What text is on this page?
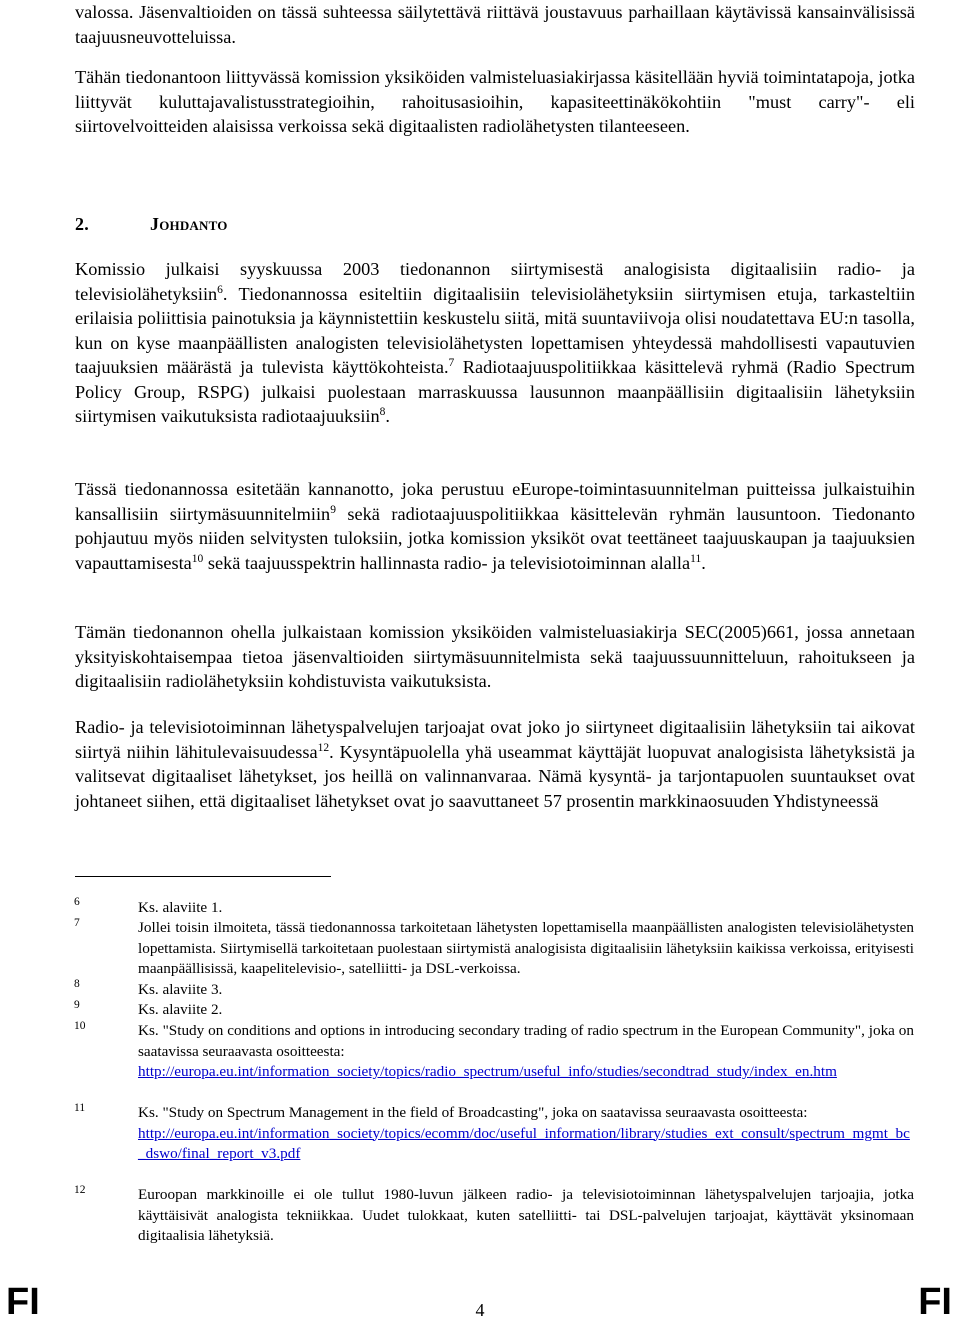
valossa. Jäsenvaltioiden on tässä suhteessa säilytettävä riittävä joustavuus parhaillaan käytävissä kansainvälisissä taajuusneuvotteluissa.

Tähän tiedonantoon liittyvässä komission yksiköiden valmisteluasiakirjassa käsitellään hyviä toimintatapoja, jotka liittyvät kuluttajavalistusstrategioihin, rahoitusasioihin, kapasiteettinäkökohtiin "must carry"- eli siirtovelvoitteiden alaisissa verkoissa sekä digitaalisten radiolähetysten tilanteeseen.

2.	Johdanto

Komissio julkaisi syyskuussa 2003 tiedonannon siirtymisestä analogisista digitaalisiin radio- ja televisiolähetyksiin$^6$. Tiedonannossa esiteltiin digitaalisiin televisiolähetyksiin siirtymisen etuja, tarkasteltiin erilaisia poliittisia painotuksia ja käynnistettiin keskustelu siitä, mitä suuntaviivoja olisi noudatettava EU:n tasolla, kun on kyse maanpäällisten analogisten televisiolähetysten lopettamisen yhteydessä mahdollisesti vapautuvien taajuuksien määrästä ja tulevista käyttökohteista.$^7$ Radiotaajuuspolitiikkaa käsittelevä ryhmä (Radio Spectrum Policy Group, RSPG) julkaisi puolestaan marraskuussa lausunnon maanpäällisiin digitaalisiin lähetyksiin siirtymisen vaikutuksista radiotaajuuksiin$^8$.

Tässä tiedonannossa esitetään kannanotto, joka perustuu eEurope-toimintasuunnitelman puitteissa julkaistuihin kansallisiin siirtymäsuunnitelmiin$^9$ sekä radiotaajuuspolitiikkaa käsittelevän ryhmän lausuntoon. Tiedonanto pohjautuu myös niiden selvitysten tuloksiin, jotka komission yksiköt ovat teettäneet taajuuskaupan ja taajuuksien vapauttamisesta$^{10}$ sekä taajuusspektrin hallinnasta radio- ja televisiotoiminnan alalla$^{11}$.

Tämän tiedonannon ohella julkaistaan komission yksiköiden valmisteluasiakirja SEC(2005)661, jossa annetaan yksityiskohtaisempaa tietoa jäsenvaltioiden siirtymäsuunnitelmista sekä taajuussuunnitteluun, rahoitukseen ja digitaalisiin radiolähetyksiin kohdistuvista vaikutuksista.

Radio- ja televisiotoiminnan lähetyspalvelujen tarjoajat ovat joko jo siirtyneet digitaalisiin lähetyksiin tai aikovat siirtyä niihin lähitulevaisuudessa$^{12}$. Kysyntäpuolella yhä useammat käyttäjät luopuvat analogisista lähetyksistä ja valitsevat digitaaliset lähetykset, jos heillä on valinnanvaraa. Nämä kysyntä- ja tarjontapuolen suuntaukset ovat johtaneet siihen, että digitaaliset lähetykset ovat jo saavuttaneet 57 prosentin markkinaosuuden Yhdistyneessä

6	Ks. alaviite 1.

7	Jollei toisin ilmoiteta, tässä tiedonannossa tarkoitetaan lähetysten lopettamisella maanpäällisten analogisten televisiolähetysten lopettamista. Siirtymisellä tarkoitetaan puolestaan siirtymistä analogisista digitaalisiin lähetyksiin kaikissa verkoissa, erityisesti maanpäällisissä, kaapelitelevisio-, satelliitti- ja DSL-verkoissa.

8	Ks. alaviite 3.

9	Ks. alaviite 2.

10	Ks. "Study on conditions and options in introducing secondary trading of radio spectrum in the European Community", joka on saatavissa seuraavasta osoitteesta:
http://europa.eu.int/information_society/topics/radio_spectrum/useful_info/studies/secondtrad_study/index_en.htm

11	Ks. "Study on Spectrum Management in the field of Broadcasting", joka on saatavissa seuraavasta osoitteesta:
http://europa.eu.int/information_society/topics/ecomm/doc/useful_information/library/studies_ext_consult/spectrum_mgmt_bc_dswo/final_report_v3.pdf

12	Euroopan markkinoille ei ole tullut 1980-luvun jälkeen radio- ja televisiotoiminnan lähetyspalvelujen tarjoajia, jotka käyttäisivät analogista tekniikkaa. Uudet tulokkaat, kuten satelliitti- tai DSL-palvelujen tarjoajat, käyttävät yksinomaan digitaalisia lähetyksiä.

FI	4	FI
